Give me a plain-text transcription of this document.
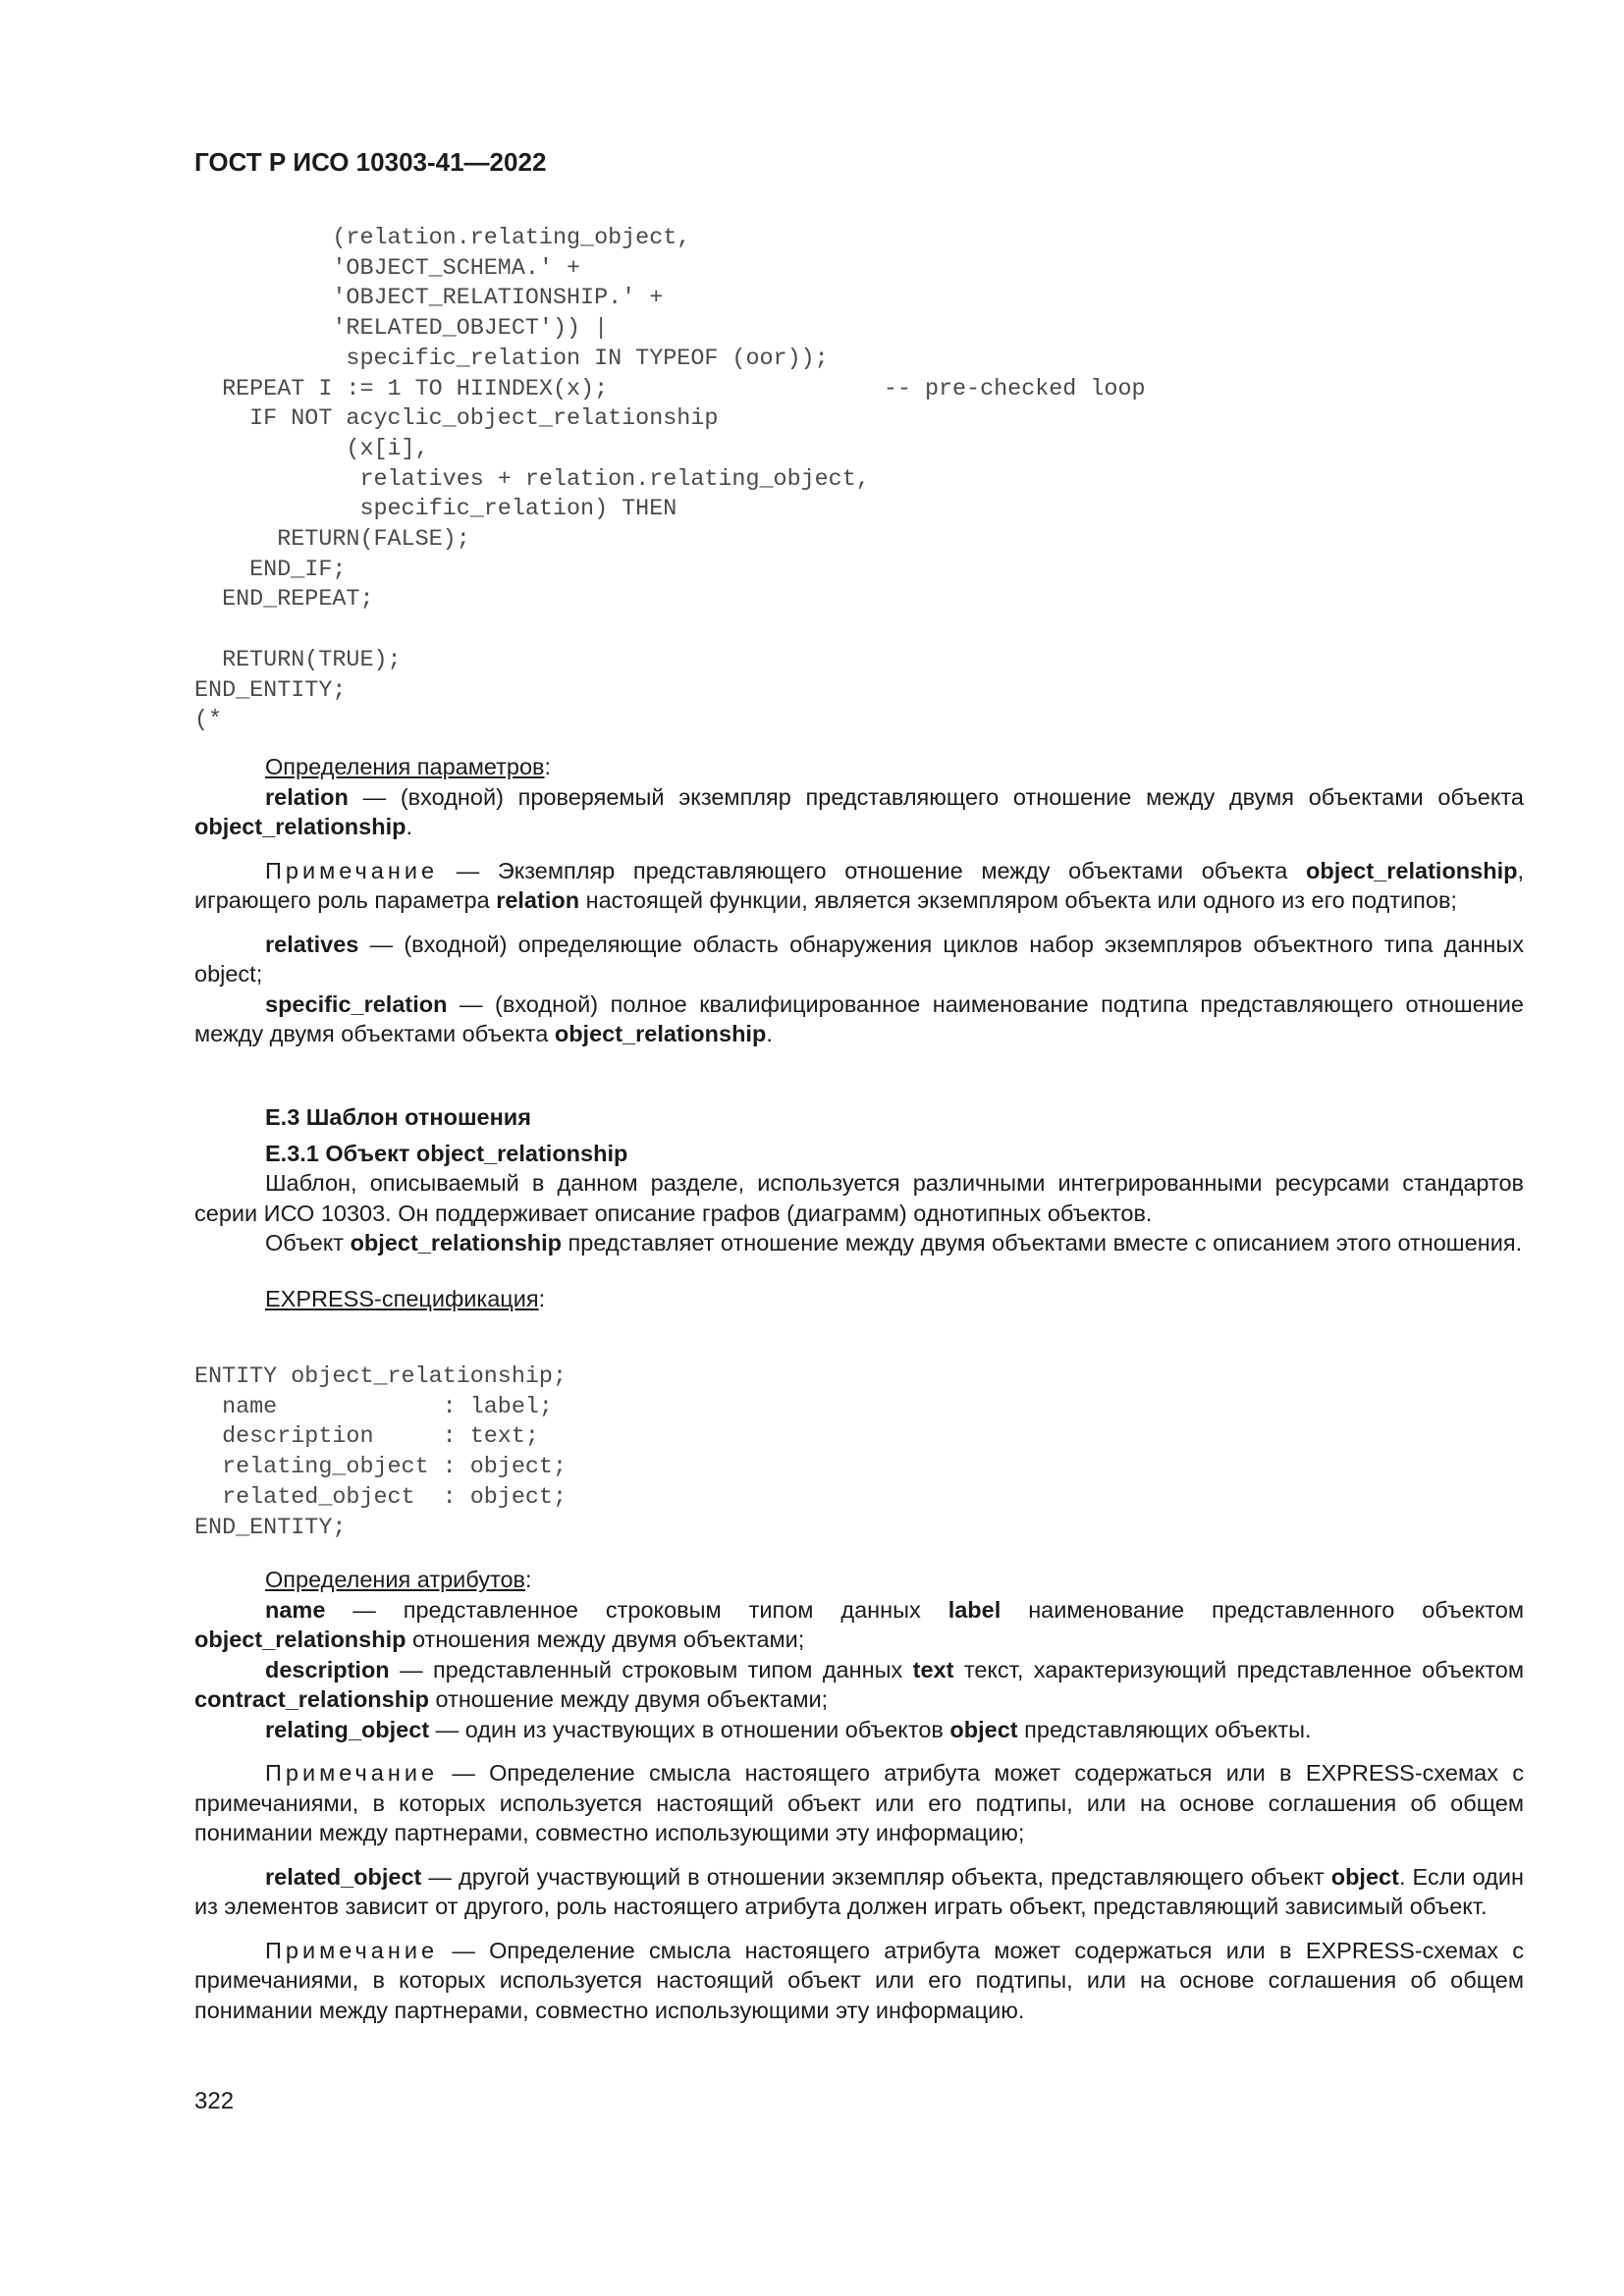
ГОСТ Р ИСО 10303-41—2022
(relation.relating_object,
'OBJECT_SCHEMA.' +
'OBJECT_RELATIONSHIP.' +
'RELATED_OBJECT')) |
specific_relation IN TYPEOF (oor));
REPEAT I := 1 TO HIINDEX(x);                    -- pre-checked loop
IF NOT acyclic_object_relationship
(x[i],
relatives + relation.relating_object,
specific_relation) THEN
RETURN(FALSE);
END_IF;
END_REPEAT;

RETURN(TRUE);
END_ENTITY;
(*

Определения параметров:

relation — (входной) проверяемый экземпляр представляющего отношение между двумя объектами объекта object_relationship.

Примечание — Экземпляр представляющего отношение между объектами объекта object_relationship, играющего роль параметра relation настоящей функции, является экземпляром объекта или одного из его подтипов;

relatives — (входной) определяющие область обнаружения циклов набор экземпляров объектного типа данных object;

specific_relation — (входной) полное квалифицированное наименование подтипа представляющего отношение между двумя объектами объекта object_relationship.

Е.3 Шаблон отношения

Е.3.1 Объект object_relationship

Шаблон, описываемый в данном разделе, используется различными интегрированными ресурсами стандартов серии ИСО 10303. Он поддерживает описание графов (диаграмм) однотипных объектов.

Объект object_relationship представляет отношение между двумя объектами вместе с описанием этого отношения.

EXPRESS-спецификация:

ENTITY object_relationship;
name            : label;
description     : text;
relating_object : object;
related_object  : object;
END_ENTITY;

Определения атрибутов:

name — представленное строковым типом данных label наименование представленного объектом object_relationship отношения между двумя объектами;

description — представленный строковым типом данных text текст, характеризующий представленное объектом contract_relationship отношение между двумя объектами;

relating_object — один из участвующих в отношении объектов object представляющих объекты.

Примечание — Определение смысла настоящего атрибута может содержаться или в EXPRESS-схемах с примечаниями, в которых используется настоящий объект или его подтипы, или на основе соглашения об общем понимании между партнерами, совместно использующими эту информацию;

related_object — другой участвующий в отношении экземпляр объекта, представляющего объект object. Если один из элементов зависит от другого, роль настоящего атрибута должен играть объект, представляющий зависимый объект.

Примечание — Определение смысла настоящего атрибута может содержаться или в EXPRESS-схемах с примечаниями, в которых используется настоящий объект или его подтипы, или на основе соглашения об общем понимании между партнерами, совместно использующими эту информацию.

322
